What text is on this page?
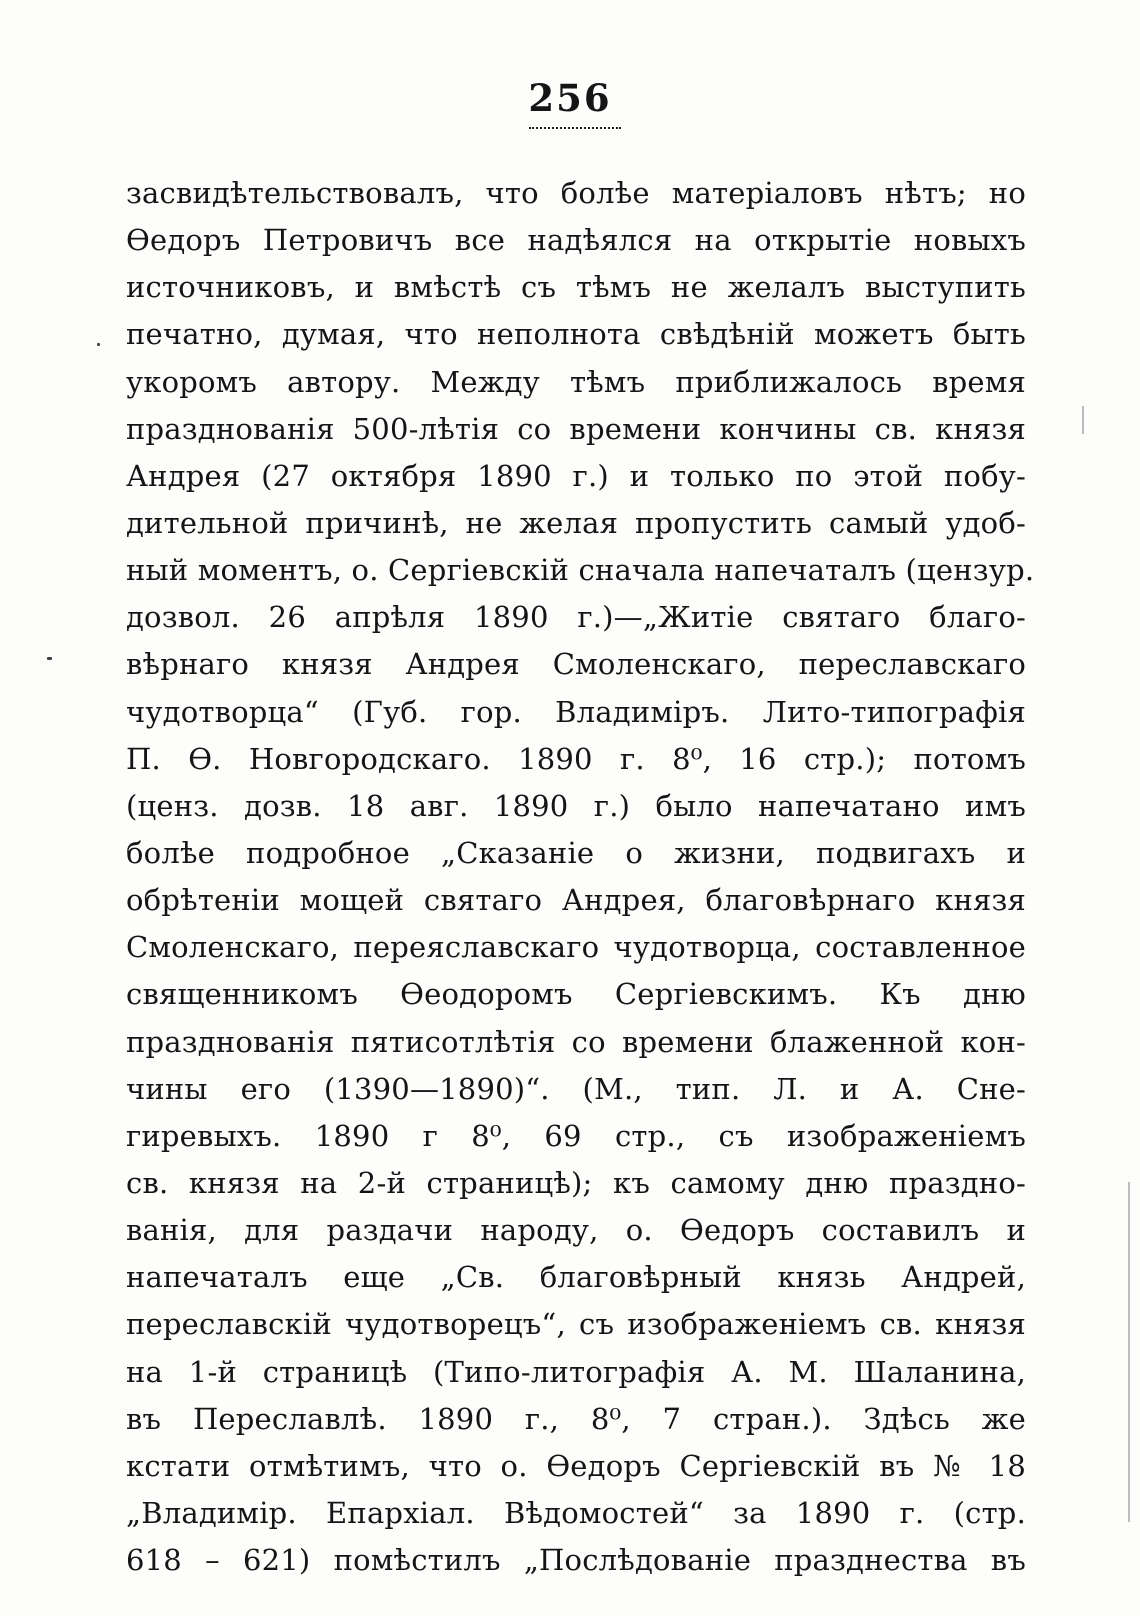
256
засвидѣтельствовалъ, что болѣе матеріаловъ нѣтъ; но
Ѳедоръ Петровичъ все надѣялся на открытіе новыхъ
источниковъ, и вмѣстѣ съ тѣмъ не желалъ выступить
печатно, думая, что неполнота свѣдѣній можетъ быть
укоромъ автору. Между тѣмъ приближалось время
празднованія 500-лѣтія со времени кончины св. князя
Андрея (27 октября 1890 г.) и только по этой побу-
дительной причинѣ, не желая пропустить самый удоб-
ный моментъ, о. Сергіевскій сначала напечаталъ (цензур.
дозвол. 26 апрѣля 1890 г.)—„Житіе святаго благо-
вѣрнаго князя Андрея Смоленскаго, переславскаго
чудотворца“ (Губ. гор. Владиміръ. Лито-типографія
П. Ѳ. Новгородскаго. 1890 г. 8⁰, 16 стр.); потомъ
(ценз. дозв. 18 авг. 1890 г.) было напечатано имъ
болѣе подробное „Сказаніе о жизни, подвигахъ и
обрѣтеніи мощей святаго Андрея, благовѣрнаго князя
Смоленскаго, переяславскаго чудотворца, составленное
священникомъ Ѳеодоромъ Сергіевскимъ. Къ дню
празднованія пятисотлѣтія со времени блаженной кон-
чины его (1390—1890)“. (М., тип. Л. и А. Сне-
гиревыхъ. 1890 г 8⁰, 69 стр., съ изображеніемъ
св. князя на 2-й страницѣ); къ самому дню праздно-
ванія, для раздачи народу, о. Ѳедоръ составилъ и
напечаталъ еще „Св. благовѣрный князь Андрей,
переславскій чудотворецъ“, съ изображеніемъ св. князя
на 1-й страницѣ (Типо-литографія А. М. Шаланина,
въ Переславлѣ. 1890 г., 8⁰, 7 стран.). Здѣсь же
кстати отмѣтимъ, что о. Ѳедоръ Сергіевскій въ № 18
„Владимір. Епархіал. Вѣдомостей“ за 1890 г. (стр.
618 – 621) помѣстилъ „Послѣдованіе празднества въ
